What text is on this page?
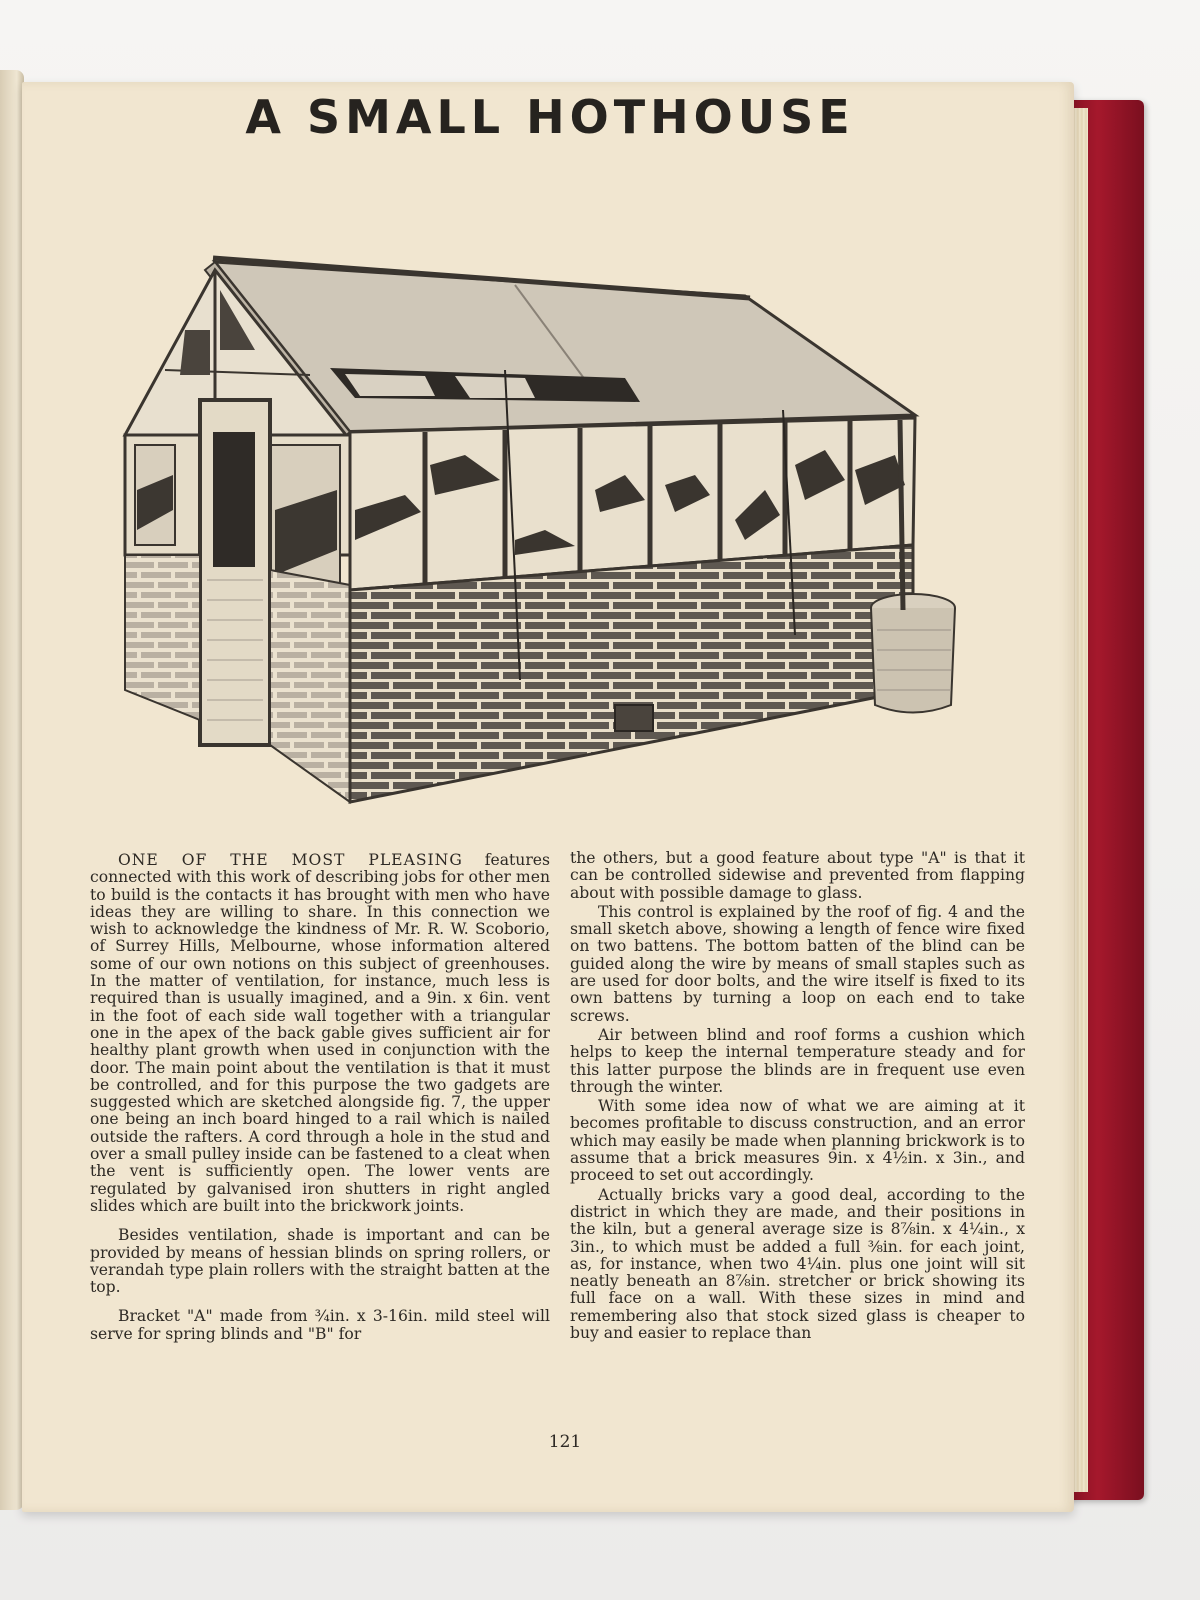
A SMALL HOTHOUSE

ONE OF THE MOST PLEASING features connected with this work of describing jobs for other men to build is the contacts it has brought with men who have ideas they are willing to share. In this connection we wish to acknowledge the kindness of Mr. R. W. Scoborio, of Surrey Hills, Melbourne, whose information altered some of our own notions on this subject of greenhouses. In the matter of ventilation, for instance, much less is required than is usually imagined, and a 9in. x 6in. vent in the foot of each side wall together with a triangular one in the apex of the back gable gives sufficient air for healthy plant growth when used in conjunction with the door. The main point about the ventilation is that it must be controlled, and for this purpose the two gadgets are suggested which are sketched alongside fig. 7, the upper one being an inch board hinged to a rail which is nailed outside the rafters. A cord through a hole in the stud and over a small pulley inside can be fastened to a cleat when the vent is sufficiently open. The lower vents are regulated by galvanised iron shutters in right angled slides which are built into the brickwork joints.

Besides ventilation, shade is important and can be provided by means of hessian blinds on spring rollers, or verandah type plain rollers with the straight batten at the top.

Bracket "A" made from ¾in. x 3-16in. mild steel will serve for spring blinds and "B" for

the others, but a good feature about type "A" is that it can be controlled sidewise and prevented from flapping about with possible damage to glass.

This control is explained by the roof of fig. 4 and the small sketch above, showing a length of fence wire fixed on two battens. The bottom batten of the blind can be guided along the wire by means of small staples such as are used for door bolts, and the wire itself is fixed to its own battens by turning a loop on each end to take screws.

Air between blind and roof forms a cushion which helps to keep the internal temperature steady and for this latter purpose the blinds are in frequent use even through the winter.

With some idea now of what we are aiming at it becomes profitable to discuss construction, and an error which may easily be made when planning brickwork is to assume that a brick measures 9in. x 4½in. x 3in., and proceed to set out accordingly.

Actually bricks vary a good deal, according to the district in which they are made, and their positions in the kiln, but a general average size is 8⅞in. x 4¼in., x 3in., to which must be added a full ⅜in. for each joint, as, for instance, when two 4¼in. plus one joint will sit neatly beneath an 8⅞in. stretcher or brick showing its full face on a wall. With these sizes in mind and remembering also that stock sized glass is cheaper to buy and easier to replace than

121
